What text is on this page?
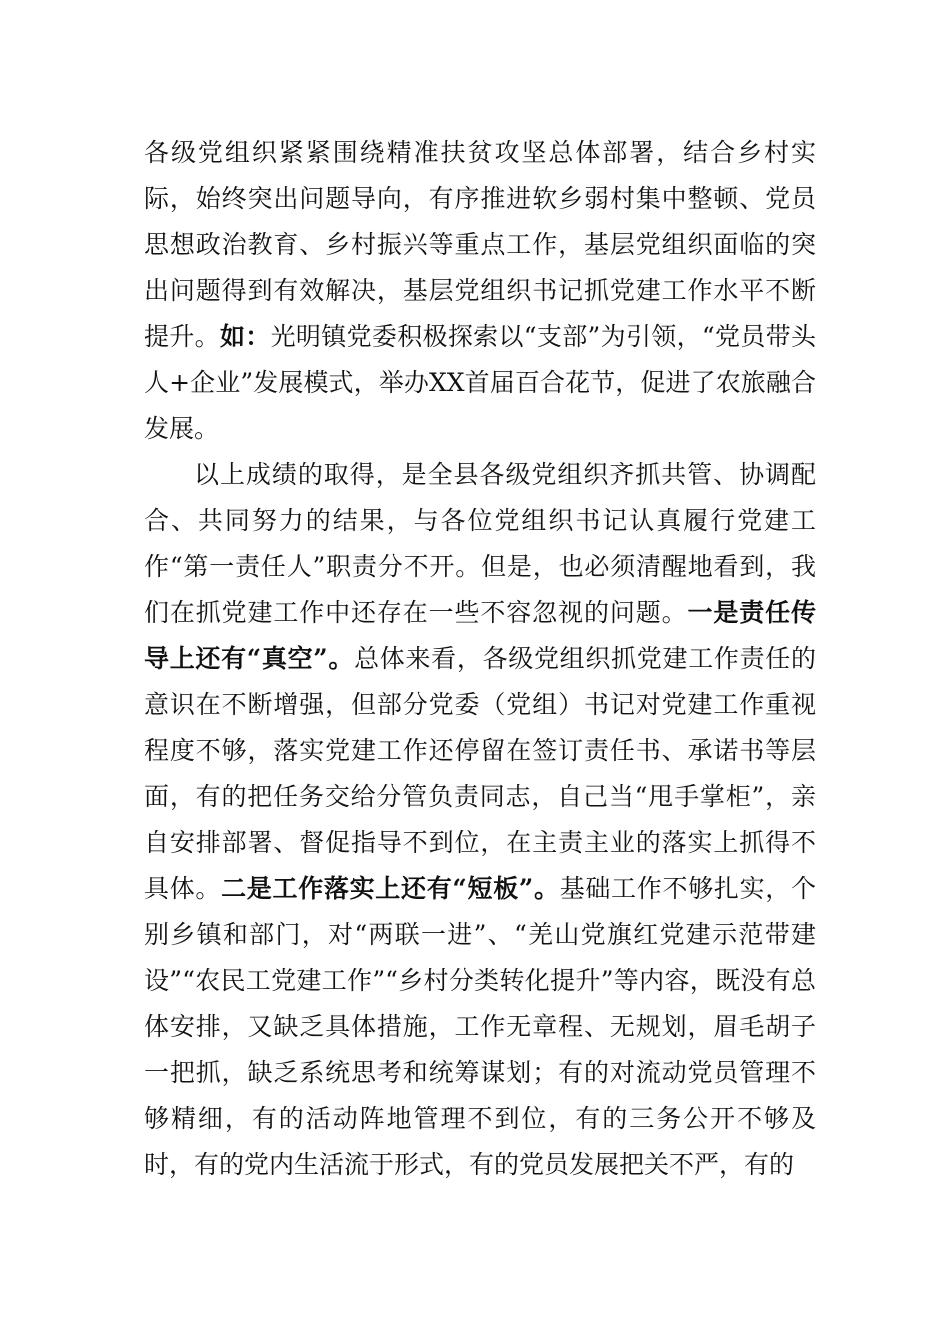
各级党组织紧紧围绕精准扶贫攻坚总体部署，结合乡村实际，始终突出问题导向，有序推进软乡弱村集中整顿、党员思想政治教育、乡村振兴等重点工作，基层党组织面临的突出问题得到有效解决，基层党组织书记抓党建工作水平不断提升。如：光明镇党委积极探索以“支部”为引领，“党员带头人+企业”发展模式，举办XX首届百合花节，促进了农旅融合发展。

以上成绩的取得，是全县各级党组织齐抓共管、协调配合、共同努力的结果，与各位党组织书记认真履行党建工作“第一责任人”职责分不开。但是，也必须清醒地看到，我们在抓党建工作中还存在一些不容忽视的问题。一是责任传导上还有“真空”。总体来看，各级党组织抓党建工作责任的意识在不断增强，但部分党委（党组）书记对党建工作重视程度不够，落实党建工作还停留在签订责任书、承诺书等层面，有的把任务交给分管负责同志，自己当“甩手掌柜”，亲自安排部署、督促指导不到位，在主责主业的落实上抓得不具体。二是工作落实上还有“短板”。基础工作不够扎实，个别乡镇和部门，对“两联一进”、“羌山党旗红党建示范带建设”“农民工党建工作”“乡村分类转化提升”等内容，既没有总体安排，又缺乏具体措施，工作无章程、无规划，眉毛胡子一把抓，缺乏系统思考和统筹谋划；有的对流动党员管理不够精细，有的活动阵地管理不到位，有的三务公开不够及时，有的党内生活流于形式，有的党员发展把关不严，有的
